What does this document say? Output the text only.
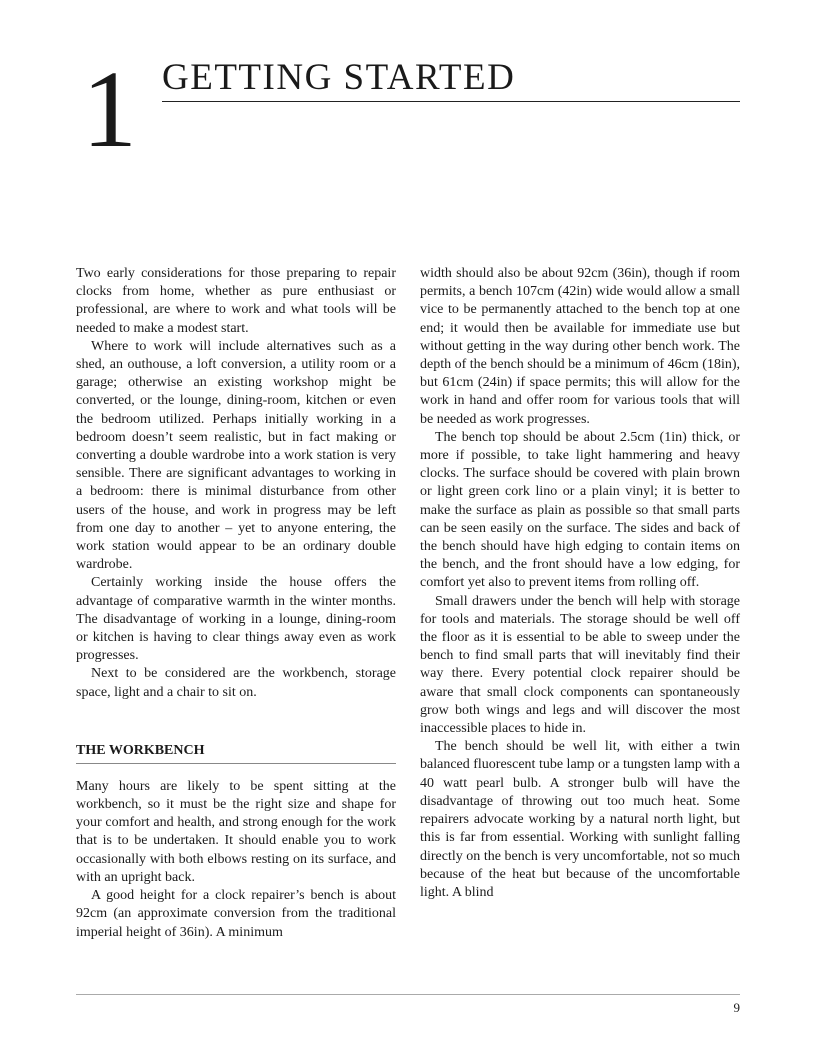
1 GETTING STARTED

Two early considerations for those preparing to repair clocks from home, whether as pure enthusiast or professional, are where to work and what tools will be needed to make a modest start.

Where to work will include alternatives such as a shed, an outhouse, a loft conversion, a utility room or a garage; otherwise an existing workshop might be converted, or the lounge, dining-room, kitchen or even the bedroom utilized. Perhaps initially working in a bedroom doesn’t seem realistic, but in fact making or converting a double wardrobe into a work station is very sensible. There are significant advantages to working in a bedroom: there is minimal disturbance from other users of the house, and work in progress may be left from one day to another – yet to anyone entering, the work station would appear to be an ordinary double wardrobe.

Certainly working inside the house offers the advantage of comparative warmth in the winter months. The disadvantage of working in a lounge, dining-room or kitchen is having to clear things away even as work progresses.

Next to be considered are the workbench, storage space, light and a chair to sit on.

THE WORKBENCH

Many hours are likely to be spent sitting at the workbench, so it must be the right size and shape for your comfort and health, and strong enough for the work that is to be undertaken. It should enable you to work occasionally with both elbows resting on its surface, and with an upright back.

A good height for a clock repairer’s bench is about 92cm (an approximate conversion from the traditional imperial height of 36in). A minimum

width should also be about 92cm (36in), though if room permits, a bench 107cm (42in) wide would allow a small vice to be permanently attached to the bench top at one end; it would then be available for immediate use but without getting in the way during other bench work. The depth of the bench should be a minimum of 46cm (18in), but 61cm (24in) if space permits; this will allow for the work in hand and offer room for various tools that will be needed as work progresses.

The bench top should be about 2.5cm (1in) thick, or more if possible, to take light hammering and heavy clocks. The surface should be covered with plain brown or light green cork lino or a plain vinyl; it is better to make the surface as plain as possible so that small parts can be seen easily on the surface. The sides and back of the bench should have high edging to contain items on the bench, and the front should have a low edging, for comfort yet also to prevent items from rolling off.

Small drawers under the bench will help with storage for tools and materials. The storage should be well off the floor as it is essential to be able to sweep under the bench to find small parts that will inevitably find their way there. Every potential clock repairer should be aware that small clock components can spontaneously grow both wings and legs and will discover the most inaccessible places to hide in.

The bench should be well lit, with either a twin balanced fluorescent tube lamp or a tungsten lamp with a 40 watt pearl bulb. A stronger bulb will have the disadvantage of throwing out too much heat. Some repairers advocate working by a natural north light, but this is far from essential. Working with sunlight falling directly on the bench is very uncomfortable, not so much because of the heat but because of the uncomfortable light. A blind

9
